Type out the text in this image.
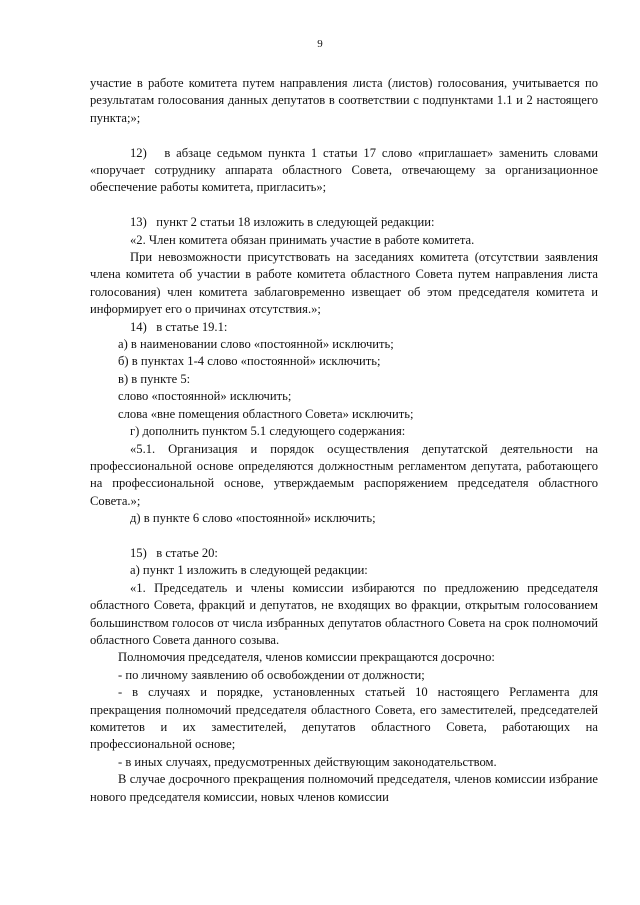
9

участие в работе комитета путем направления листа (листов) голосования, учитывается по результатам голосования данных депутатов в соответствии с подпунктами 1.1 и 2 настоящего пункта;»;

12)   в абзаце седьмом пункта 1 статьи 17 слово «приглашает» заменить словами «поручает сотруднику аппарата областного Совета, отвечающему за организационное обеспечение работы комитета, пригласить»;

13)   пункт 2 статьи 18 изложить в следующей редакции:

«2. Член комитета обязан принимать участие в работе комитета.

При невозможности присутствовать на заседаниях комитета (отсутствии заявления члена комитета об участии в работе комитета областного Совета путем направления листа голосования) член комитета заблаговременно извещает об этом председателя комитета и информирует его о причинах отсутствия.»;

14)   в статье 19.1:

а) в наименовании слово «постоянной» исключить;

б) в пунктах 1-4 слово «постоянной» исключить;

в) в пункте 5:

слово «постоянной» исключить;

слова «вне помещения областного Совета» исключить;

г) дополнить пунктом 5.1 следующего содержания:

«5.1. Организация и порядок осуществления депутатской деятельности на профессиональной основе определяются должностным регламентом депутата, работающего на профессиональной основе, утверждаемым распоряжением председателя областного Совета.»;

д) в пункте 6 слово «постоянной» исключить;

15)   в статье 20:

а) пункт 1 изложить в следующей редакции:

«1. Председатель и члены комиссии избираются по предложению председателя областного Совета, фракций и депутатов, не входящих во фракции, открытым голосованием большинством голосов от числа избранных депутатов областного Совета на срок полномочий областного Совета данного созыва.

Полномочия председателя, членов комиссии прекращаются досрочно:

- по личному заявлению об освобождении от должности;

- в случаях и порядке, установленных статьей 10 настоящего Регламента для прекращения полномочий председателя областного Совета, его заместителей, председателей комитетов и их заместителей, депутатов областного Совета, работающих на профессиональной основе;

- в иных случаях, предусмотренных действующим законодательством.

В случае досрочного прекращения полномочий председателя, членов комиссии избрание нового председателя комиссии, новых членов комиссии
